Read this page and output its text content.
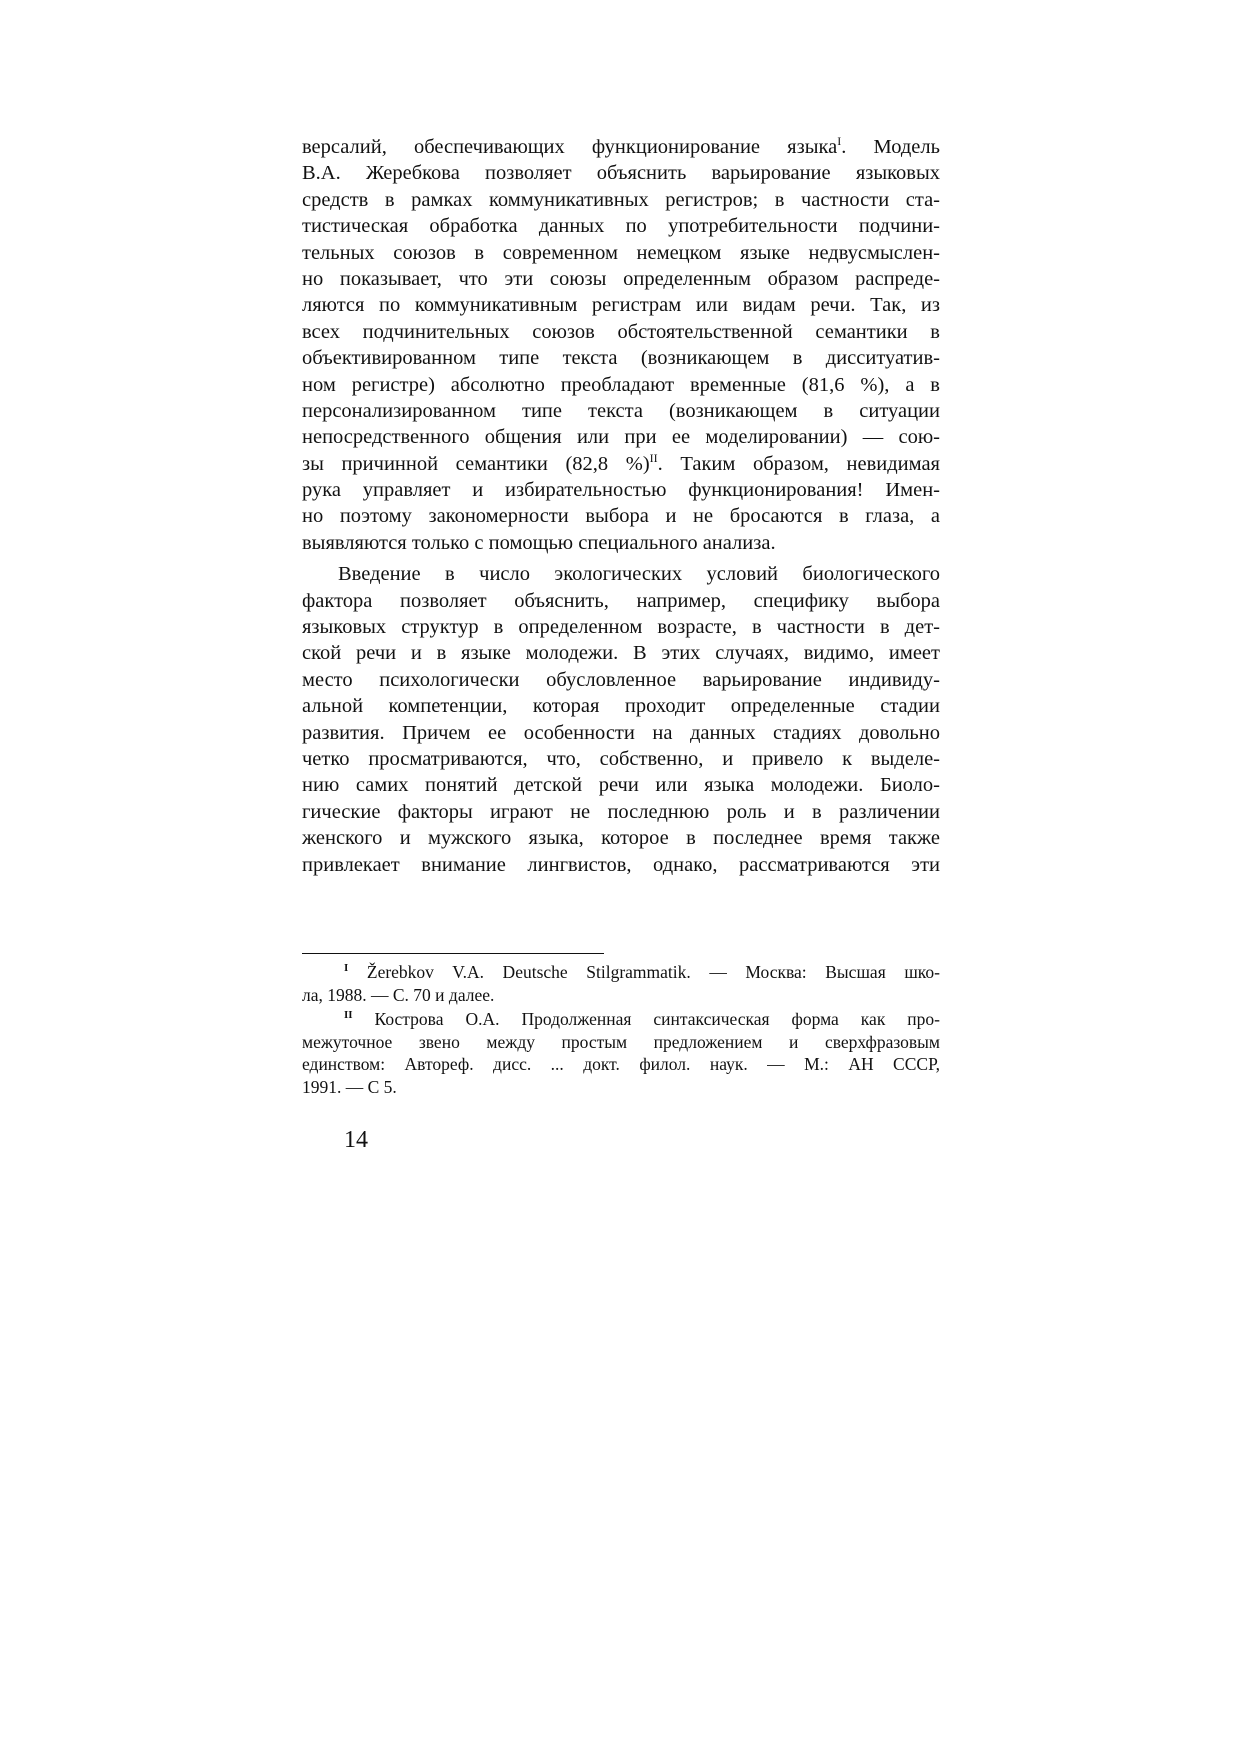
версалий, обеспечивающих функционирование языка$^I$. Модель
В.А. Жеребкова позволяет объяснить варьирование языковых
средств в рамках коммуникативных регистров; в частности ста-
тистическая обработка данных по употребительности подчини-
тельных союзов в современном немецком языке недвусмыслен-
но показывает, что эти союзы определенным образом распреде-
ляются по коммуникативным регистрам или видам речи. Так, из
всех подчинительных союзов обстоятельственной семантики в
объективированном типе текста (возникающем в дисситуатив-
ном регистре) абсолютно преобладают временные (81,6 %), а в
персонализированном типе текста (возникающем в ситуации
непосредственного общения или при ее моделировании) — сою-
зы причинной семантики (82,8 %)$^{II}$. Таким образом, невидимая
рука управляет и избирательностью функционирования! Имен-
но поэтому закономерности выбора и не бросаются в глаза, а
выявляются только с помощью специального анализа.
Введение в число экологических условий биологического
фактора позволяет объяснить, например, специфику выбора
языковых структур в определенном возрасте, в частности в дет-
ской речи и в языке молодежи. В этих случаях, видимо, имеет
место психологически обусловленное варьирование индивиду-
альной компетенции, которая проходит определенные стадии
развития. Причем ее особенности на данных стадиях довольно
четко просматриваются, что, собственно, и привело к выделе-
нию самих понятий детской речи или языка молодежи. Биоло-
гические факторы играют не последнюю роль и в различении
женского и мужского языка, которое в последнее время также
привлекает внимание лингвистов, однако, рассматриваются эти
$^I$ Žerebkov V.A. Deutsche Stilgrammatik. — Москва: Высшая шко-
ла, 1988. — С. 70 и далее.
$^{II}$ Кострова О.А. Продолженная синтаксическая форма как про-
межуточное звено между простым предложением и сверхфразовым
единством: Автореф. дисс. ... докт. филол. наук. — М.: АН СССР,
1991. — С 5.
14
